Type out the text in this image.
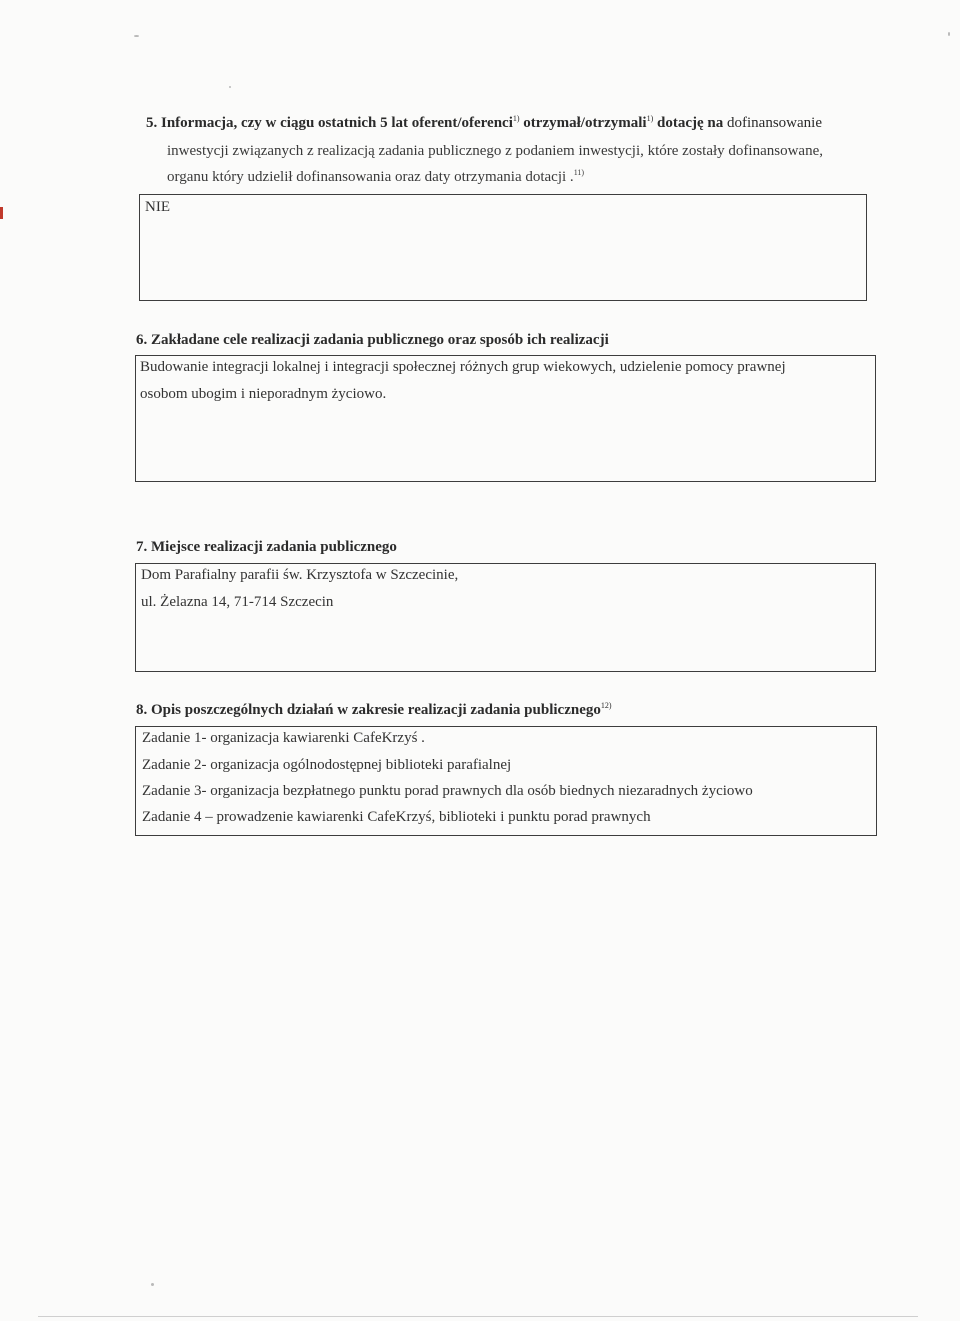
5. Informacja, czy w ciągu ostatnich 5 lat oferent/oferenci$^{1)}$ otrzymał/otrzymali$^{1)}$ dotację na dofinansowanie

inwestycji związanych z realizacją zadania publicznego z podaniem inwestycji, które zostały dofinansowane,

organu który udzielił dofinansowania oraz daty otrzymania dotacji .$^{11)}$

NIE

6. Zakładane cele realizacji zadania publicznego oraz sposób ich realizacji

Budowanie integracji lokalnej i integracji społecznej różnych grup wiekowych, udzielenie pomocy prawnej

osobom ubogim i nieporadnym życiowo.

7. Miejsce realizacji zadania publicznego

Dom Parafialny parafii św. Krzysztofa w Szczecinie,

ul. Żelazna 14, 71-714 Szczecin

8. Opis poszczególnych działań w zakresie realizacji zadania publicznego$^{12)}$

Zadanie 1- organizacja kawiarenki CafeKrzyś .

Zadanie 2- organizacja ogólnodostępnej biblioteki parafialnej

Zadanie 3- organizacja bezpłatnego punktu porad prawnych dla osób biednych niezaradnych życiowo

Zadanie 4 – prowadzenie kawiarenki CafeKrzyś, biblioteki i punktu porad prawnych
